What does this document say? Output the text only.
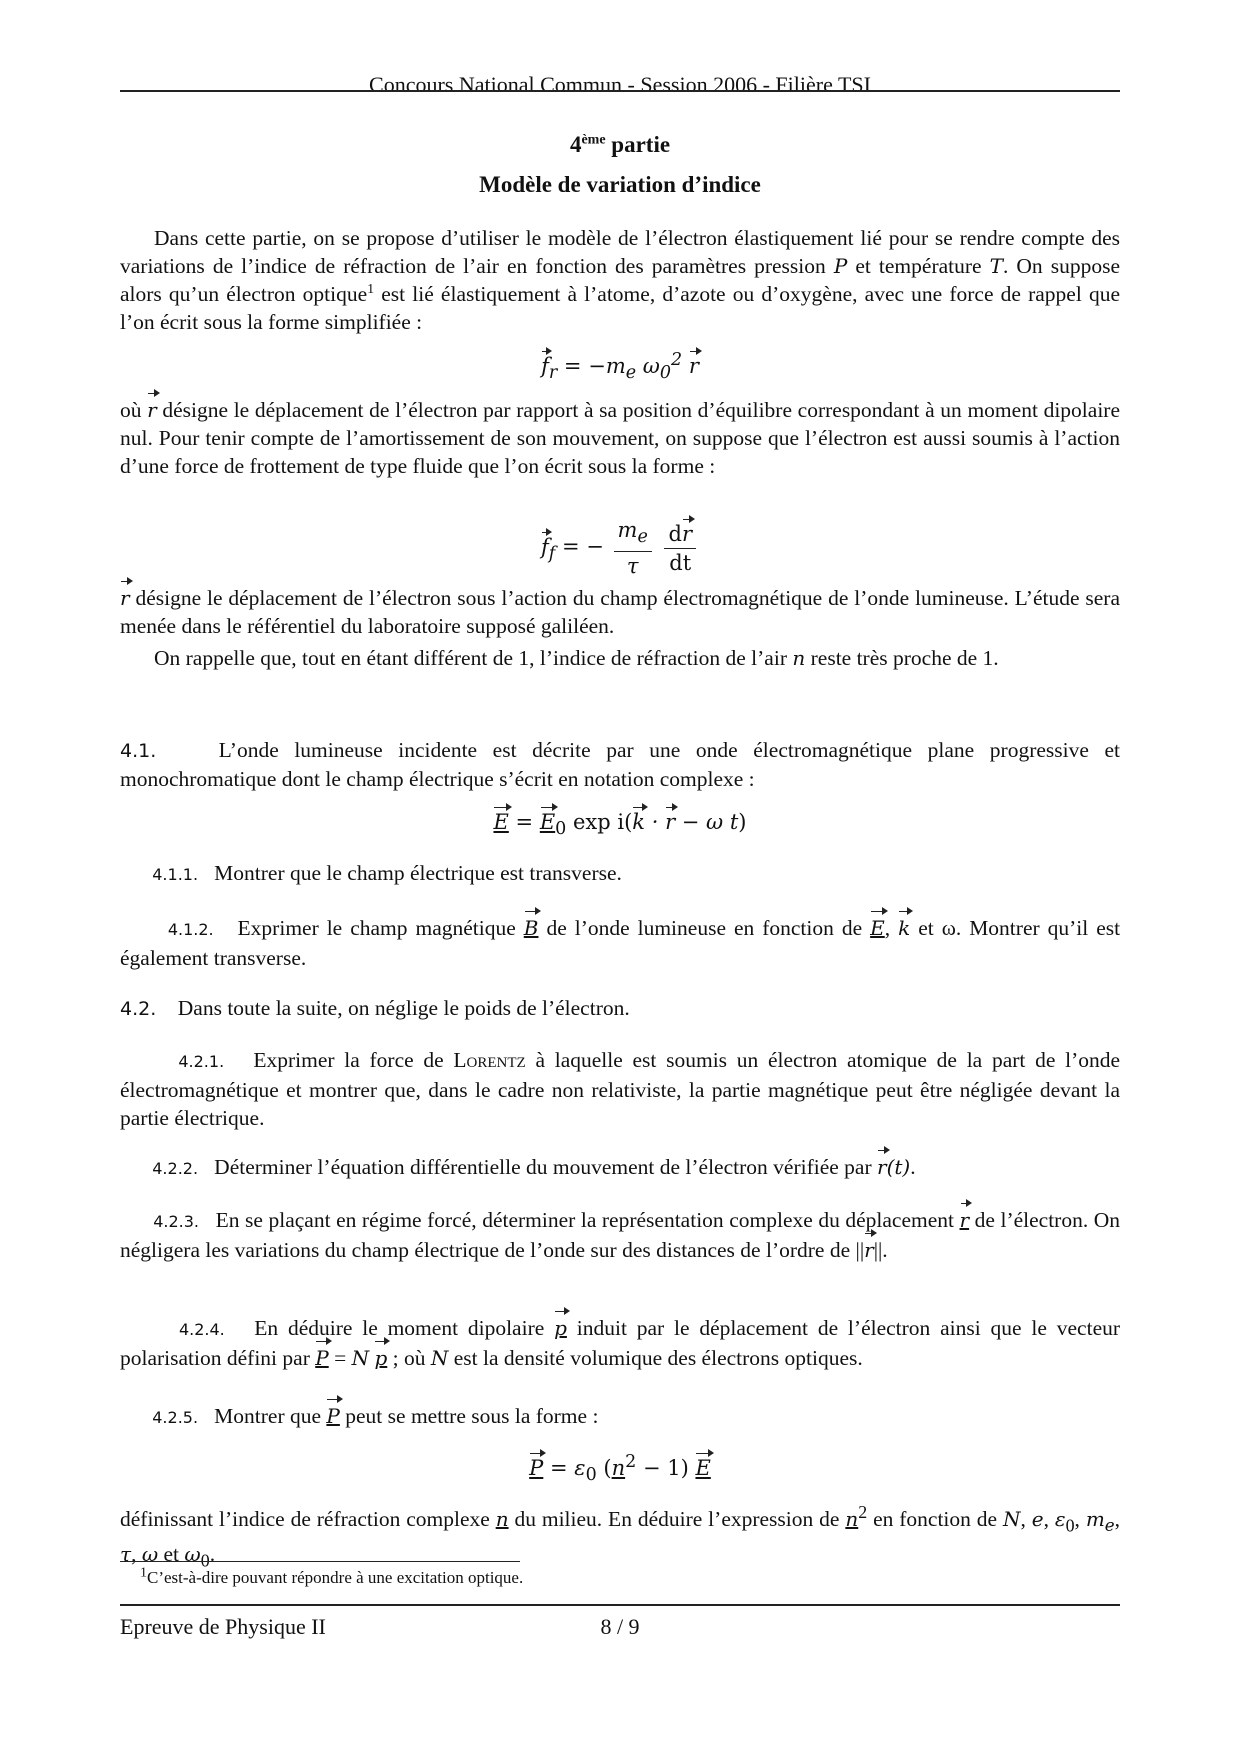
Concours National Commun - Session 2006 - Filière TSI
4ème partie
Modèle de variation d’indice
Dans cette partie, on se propose d’utiliser le modèle de l’électron élastiquement lié pour se rendre compte des variations de l’indice de réfraction de l’air en fonction des paramètres pression P et température T. On suppose alors qu’un électron optique$^1$ est lié élastiquement à l’atome, d’azote ou d’oxygène, avec une force de rappel que l’on écrit sous la forme simplifiée :
$f_r = -m_e$ $\omega_0^2$ r
où r désigne le déplacement de l’électron par rapport à sa position d’équilibre correspondant à un moment dipolaire nul. Pour tenir compte de l’amortissement de son mouvement, on suppose que l’électron est aussi soumis à l’action d’une force de frottement de type fluide que l’on écrit sous la forme :
$f_f$ = − $\frac{m_e}{\tau}$
$\frac{dr}{dt}$
r désigne le déplacement de l’électron sous l’action du champ électromagnétique de l’onde lumineuse. L’étude sera menée dans le référentiel du laboratoire supposé galiléen.
On rappelle que, tout en étant différent de 1, l’indice de réfraction de l’air n reste très proche de 1.
4.1.	L’onde lumineuse incidente est décrite par une onde électromagnétique plane progressive et monochromatique dont le champ électrique s’écrit en notation complexe :
$E = E_0$ exp i(k · r − ω t)
4.1.1. Montrer que le champ électrique est transverse.
4.1.2. Exprimer le champ magnétique B de l’onde lumineuse en fonction de E, k et ω. Montrer qu’il est également transverse.
4.2. Dans toute la suite, on néglige le poids de l’électron.
4.2.1. Exprimer la force de Lorentz à laquelle est soumis un électron atomique de la part de l’onde électromagnétique et montrer que, dans le cadre non relativiste, la partie magnétique peut être négligée devant la partie électrique.
4.2.2. Déterminer l’équation différentielle du mouvement de l’électron vérifiée par r(t).
4.2.3. En se plaçant en régime forcé, déterminer la représentation complexe du déplacement r de l’électron. On négligera les variations du champ électrique de l’onde sur des distances de l’ordre de ||r||.
4.2.4. En déduire le moment dipolaire p induit par le déplacement de l’électron ainsi que le vecteur polarisation défini par P = N p ; où N est la densité volumique des électrons optiques.
4.2.5. Montrer que P peut se mettre sous la forme :
$P = \varepsilon_0$ $(n^2 - 1)$ E
définissant l’indice de réfraction complexe n du milieu. En déduire l’expression de $n^2$ en fonction de N, e, $\varepsilon_0$, $m_e$, τ, ω et $\omega_0$.
$^1$C’est-à-dire pouvant répondre à une excitation optique.
Epreuve de Physique II	8 / 9
